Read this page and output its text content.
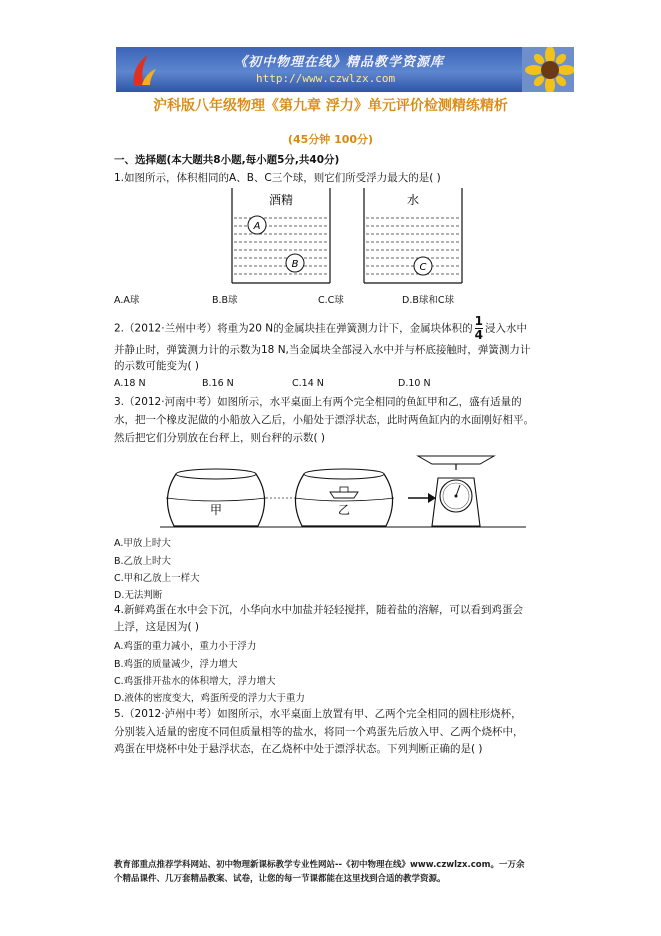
《初中物理在线》精品教学资源库
http://www.czwlzx.com
沪科版八年级物理《第九章 浮力》单元评价检测精练精析
(45分钟 100分)
一、选择题(本大题共8小题,每小题5分,共40分)
1.如图所示，体积相同的A、B、C三个球，则它们所受浮力最大的是( )
酒精
A
B
水
C
A.A球	B.B球	C.C球	D.B球和C球
2.（2012·兰州中考）将重为20 N的金属块挂在弹簧测力计下，金属块体积的 $\frac{1}{4}$ 浸入水中
并静止时，弹簧测力计的示数为18 N,当金属块全部浸入水中并与杯底接触时，弹簧测力计
的示数可能变为( )
A.18 N	B.16 N	C.14 N	D.10 N
3.（2012·河南中考）如图所示，水平桌面上有两个完全相同的鱼缸甲和乙，盛有适量的
水，把一个橡皮泥做的小船放入乙后，小船处于漂浮状态，此时两鱼缸内的水面刚好相平。
然后把它们分别放在台秤上，则台秤的示数( )
甲	乙
A.甲放上时大
B.乙放上时大
C.甲和乙放上一样大
D.无法判断
4.新鲜鸡蛋在水中会下沉，小华向水中加盐并轻轻搅拌，随着盐的溶解，可以看到鸡蛋会
上浮，这是因为( )
A.鸡蛋的重力减小，重力小于浮力
B.鸡蛋的质量减少，浮力增大
C.鸡蛋排开盐水的体积增大，浮力增大
D.液体的密度变大，鸡蛋所受的浮力大于重力
5.（2012·泸州中考）如图所示，水平桌面上放置有甲、乙两个完全相同的圆柱形烧杯，
分别装入适量的密度不同但质量相等的盐水，将同一个鸡蛋先后放入甲、乙两个烧杯中，
鸡蛋在甲烧杯中处于悬浮状态，在乙烧杯中处于漂浮状态。下列判断正确的是( )
教育部重点推荐学科网站、初中物理新课标教学专业性网站--《初中物理在线》www.czwlzx.com。一万余
个精品课件、几万套精品教案、试卷，让您的每一节课都能在这里找到合适的教学资源。
